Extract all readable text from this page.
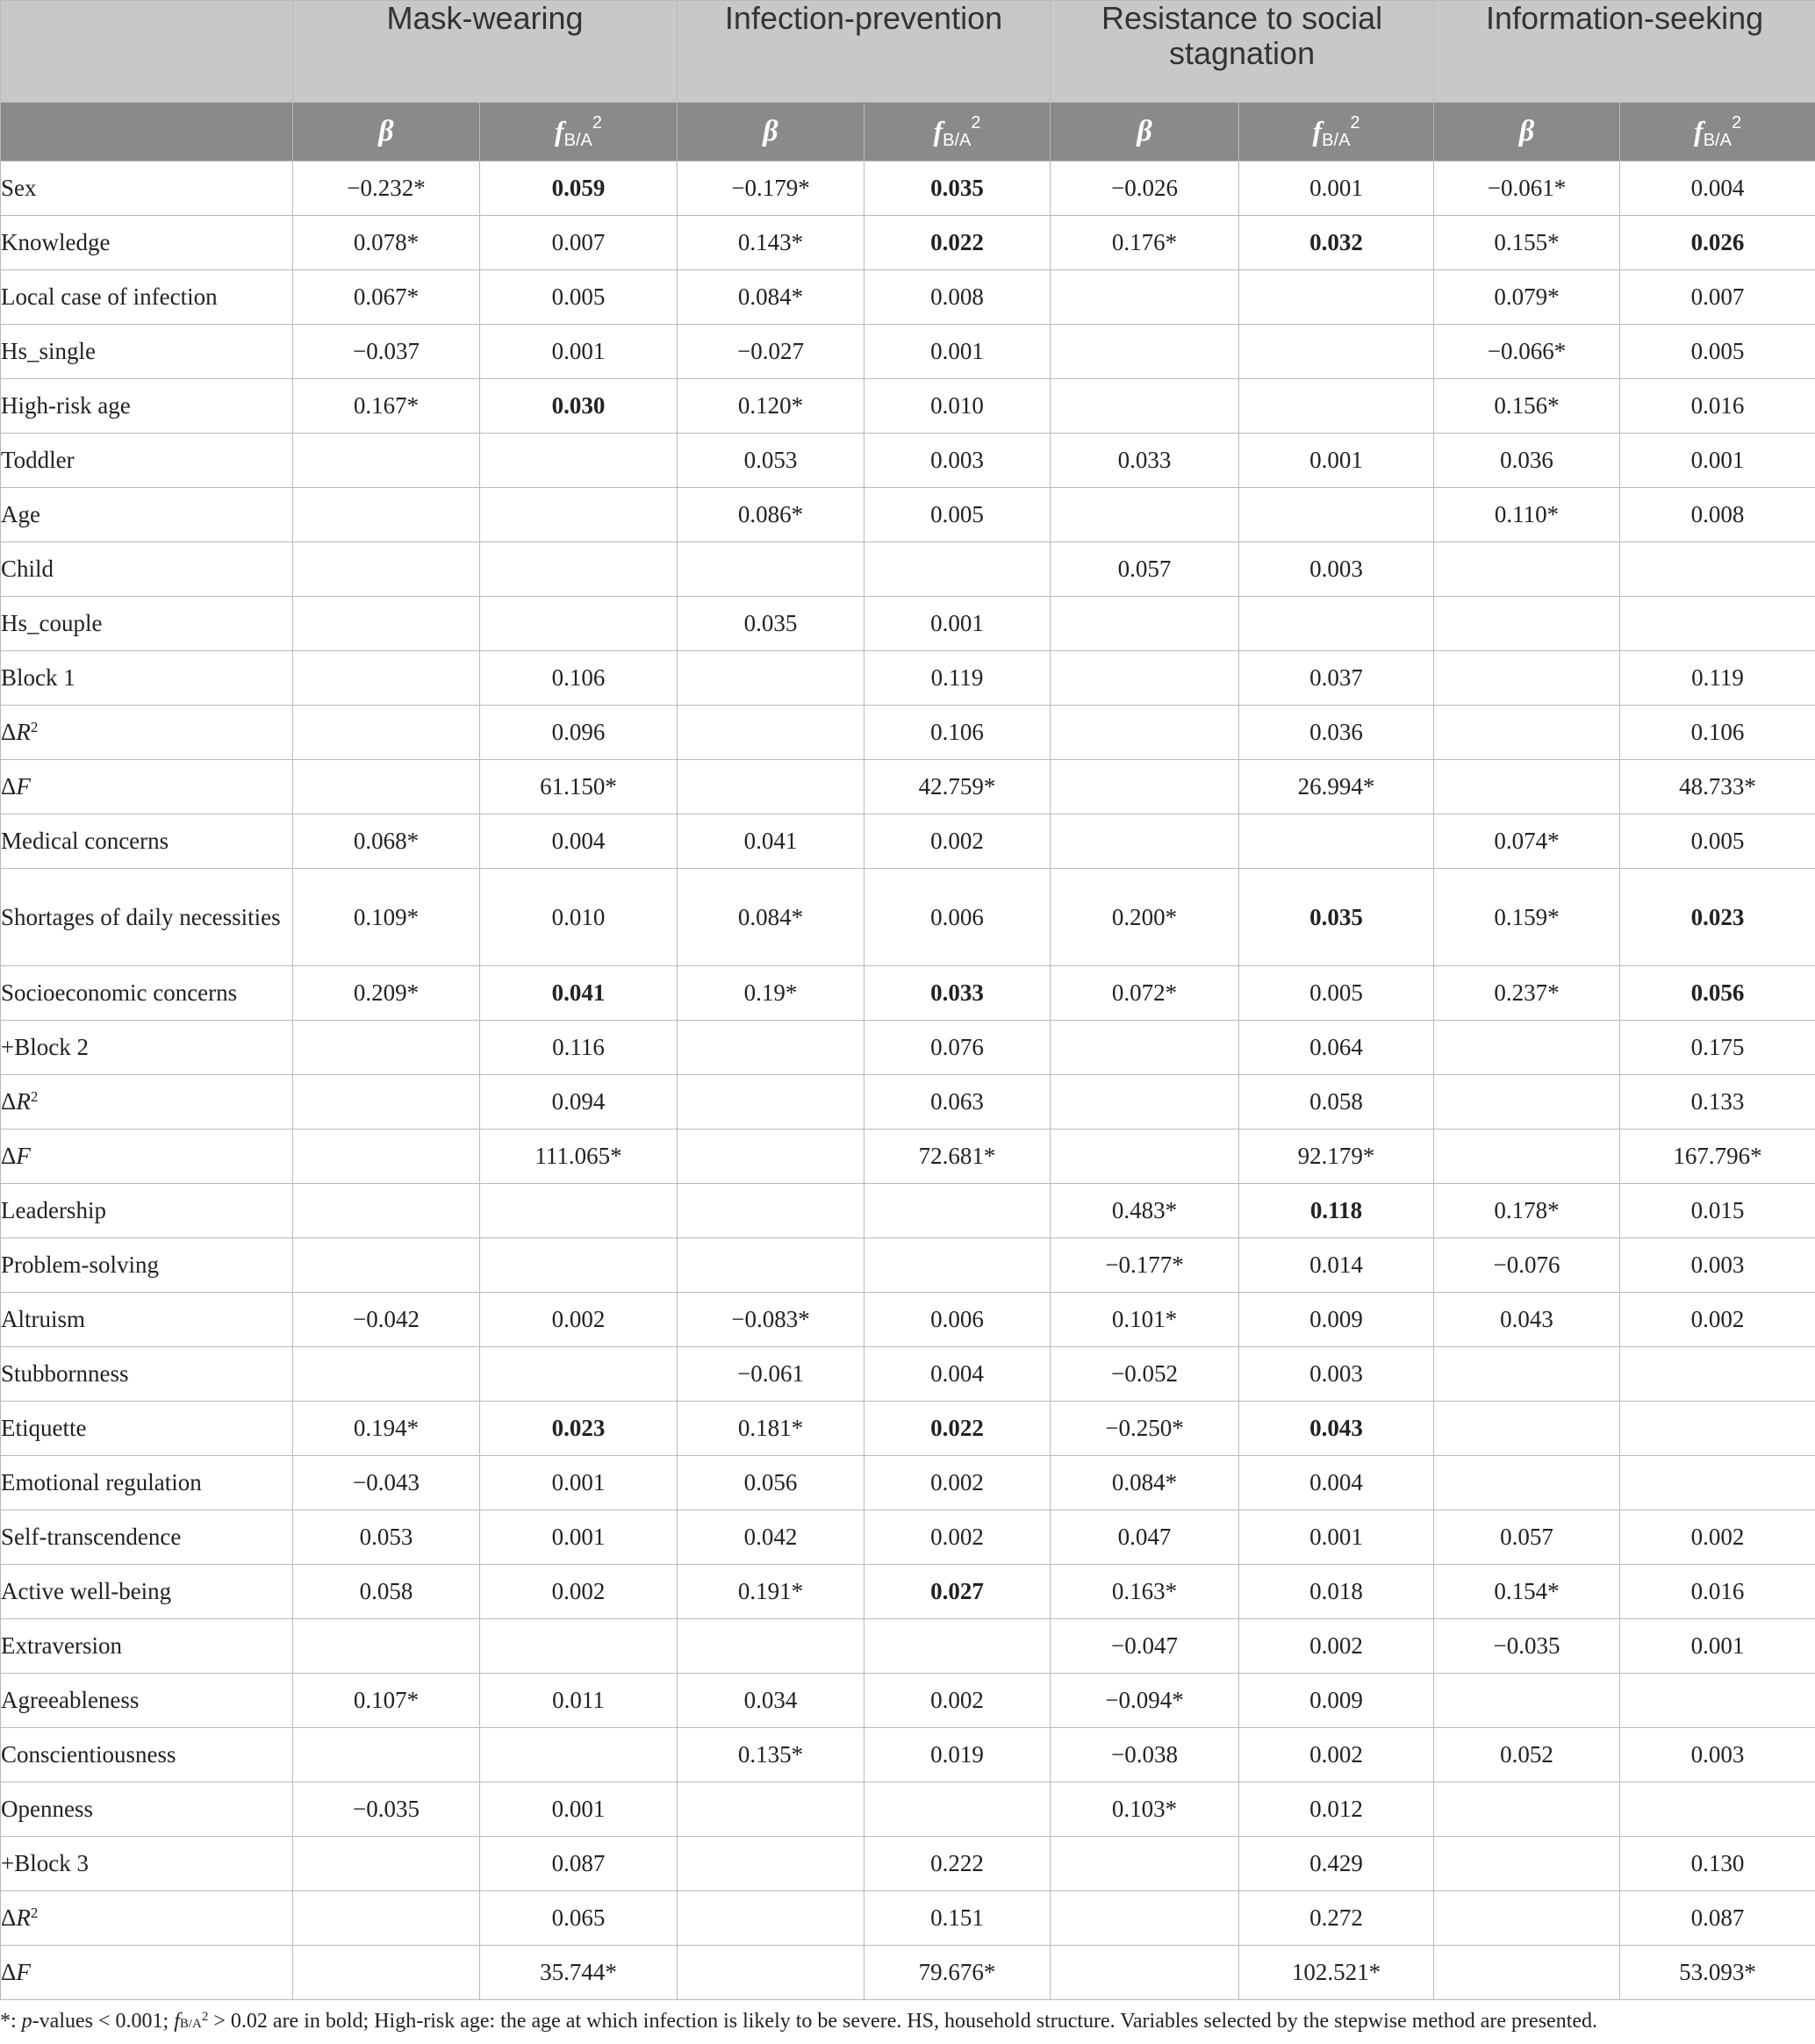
	Mask-wearing		Infection-prevention		Resistance to social stagnation		Information-seeking	
	β	$fB/A^2$	β	$fB/A^2$	β	$fB/A^2$	β	$fB/A^2$
Sex	−0.232*	0.059	−0.179*	0.035	−0.026	0.001	−0.061*	0.004
Knowledge	0.078*	0.007	0.143*	0.022	0.176*	0.032	0.155*	0.026
Local case of infection	0.067*	0.005	0.084*	0.008			0.079*	0.007
Hs_single	−0.037	0.001	−0.027	0.001			−0.066*	0.005
High-risk age	0.167*	0.030	0.120*	0.010			0.156*	0.016
Toddler			0.053	0.003	0.033	0.001	0.036	0.001
Age			0.086*	0.005			0.110*	0.008
Child					0.057	0.003		
Hs_couple			0.035	0.001				
Block 1		0.106		0.119		0.037		0.119
$\Delta R^2$		0.096		0.106		0.036		0.106
ΔF		61.150*		42.759*		26.994*		48.733*
Medical concerns	0.068*	0.004	0.041	0.002			0.074*	0.005
Shortages of daily necessities	0.109*	0.010	0.084*	0.006	0.200*	0.035	0.159*	0.023
Socioeconomic concerns	0.209*	0.041	0.19*	0.033	0.072*	0.005	0.237*	0.056
+Block 2		0.116		0.076		0.064		0.175
$\Delta R^2$		0.094		0.063		0.058		0.133
ΔF		111.065*		72.681*		92.179*		167.796*
Leadership					0.483*	0.118	0.178*	0.015
Problem-solving					−0.177*	0.014	−0.076	0.003
Altruism	−0.042	0.002	−0.083*	0.006	0.101*	0.009	0.043	0.002
Stubbornness			−0.061	0.004	−0.052	0.003		
Etiquette	0.194*	0.023	0.181*	0.022	−0.250*	0.043		
Emotional regulation	−0.043	0.001	0.056	0.002	0.084*	0.004		
Self-transcendence	0.053	0.001	0.042	0.002	0.047	0.001	0.057	0.002
Active well-being	0.058	0.002	0.191*	0.027	0.163*	0.018	0.154*	0.016
Extraversion					−0.047	0.002	−0.035	0.001
Agreeableness	0.107*	0.011	0.034	0.002	−0.094*	0.009		
Conscientiousness			0.135*	0.019	−0.038	0.002	0.052	0.003
Openness	−0.035	0.001			0.103*	0.012		
+Block 3		0.087		0.222		0.429		0.130
$\Delta R^2$		0.065		0.151		0.272		0.087
ΔF		35.744*		79.676*		102.521*		53.093*
*: p-values < 0.001; $fB/A^2 > 0.02$ are in bold; High-risk age: the age at which infection is likely to be severe. HS, household structure. Variables selected by the stepwise method are presented.
